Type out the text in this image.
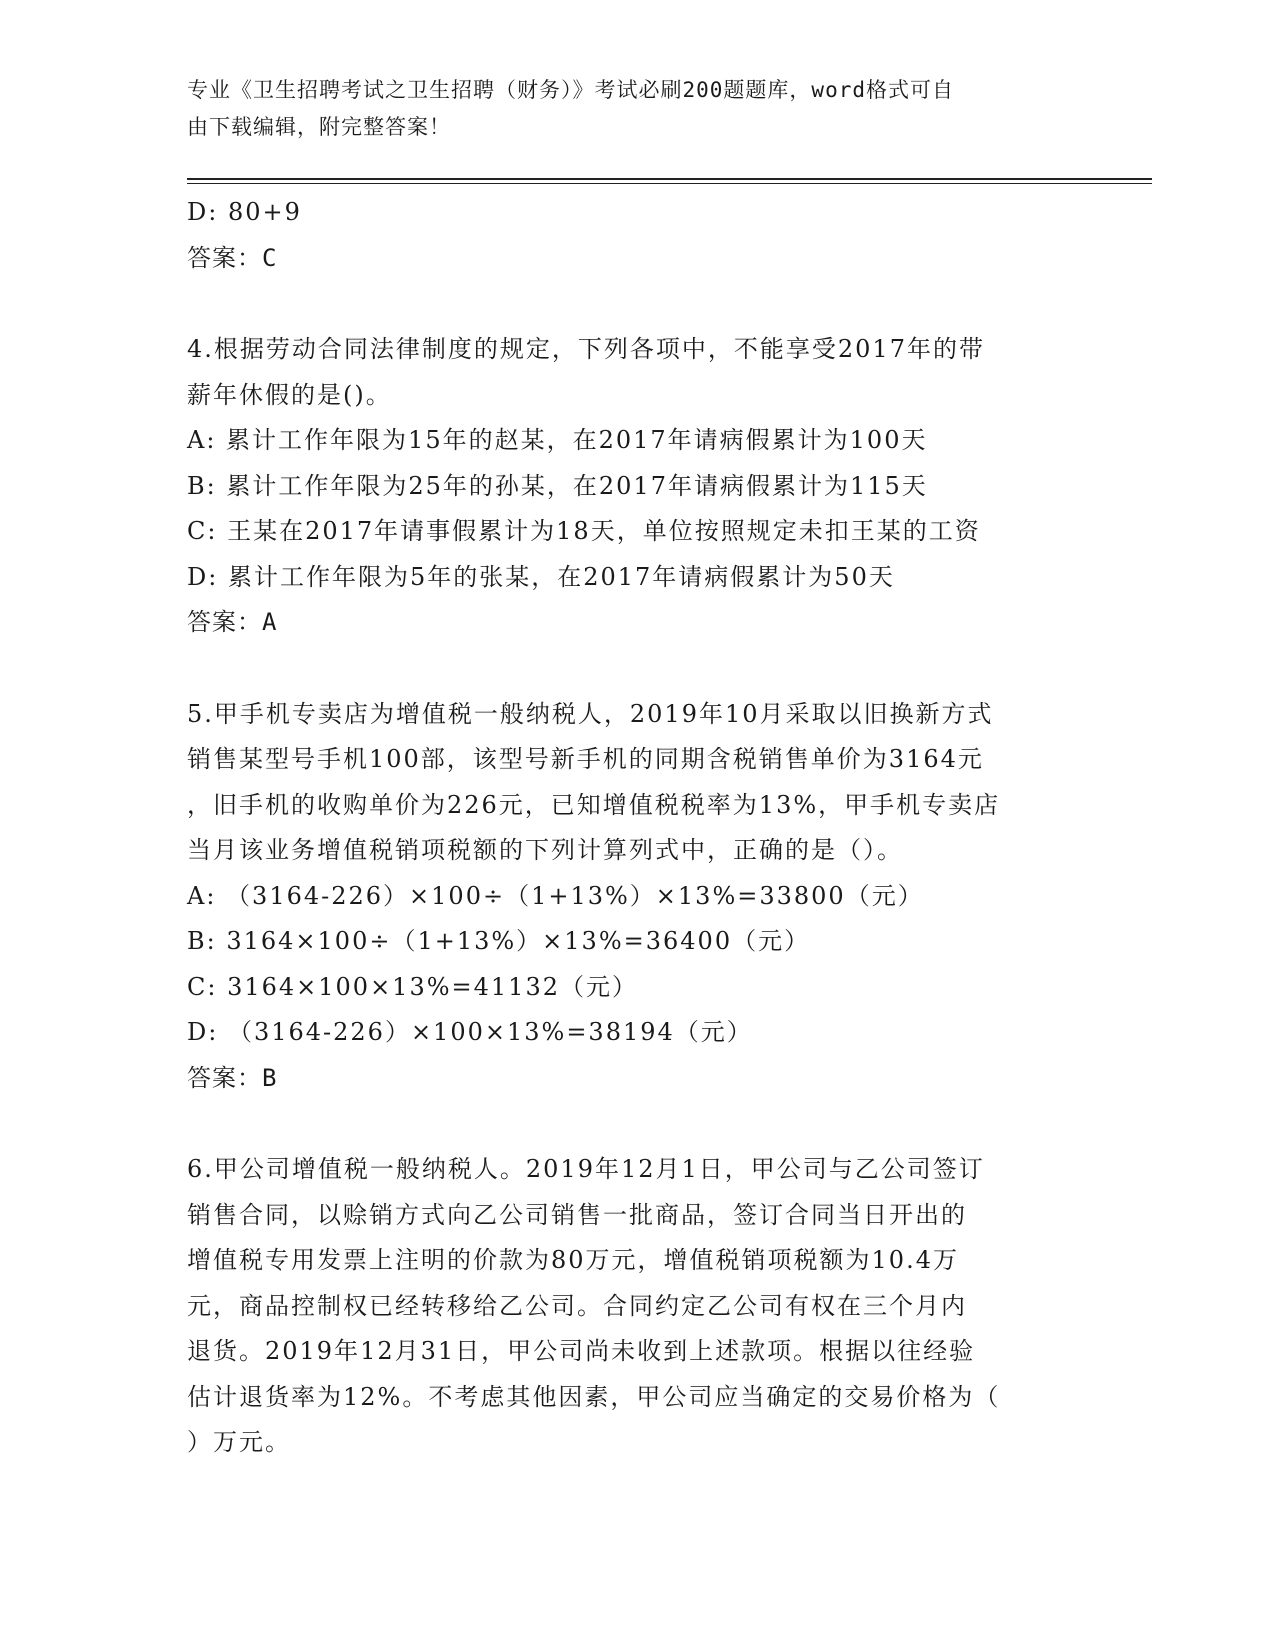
专业《卫生招聘考试之卫生招聘（财务）》考试必刷200题题库，word格式可自
由下载编辑，附完整答案！
D: 80+9
答案：C
4.根据劳动合同法律制度的规定，下列各项中，不能享受2017年的带
薪年休假的是()。
A: 累计工作年限为15年的赵某，在2017年请病假累计为100天
B: 累计工作年限为25年的孙某，在2017年请病假累计为115天
C: 王某在2017年请事假累计为18天，单位按照规定未扣王某的工资
D: 累计工作年限为5年的张某，在2017年请病假累计为50天
答案：A
5.甲手机专卖店为增值税一般纳税人，2019年10月采取以旧换新方式
销售某型号手机100部，该型号新手机的同期含税销售单价为3164元
，旧手机的收购单价为226元，已知增值税税率为13%，甲手机专卖店
当月该业务增值税销项税额的下列计算列式中，正确的是（）。
A: （3164-226）×100÷（1+13%）×13%=33800（元）
B: 3164×100÷（1+13%）×13%=36400（元）
C: 3164×100×13%=41132（元）
D: （3164-226）×100×13%=38194（元）
答案：B
6.甲公司增值税一般纳税人。2019年12月1日，甲公司与乙公司签订
销售合同，以赊销方式向乙公司销售一批商品，签订合同当日开出的
增值税专用发票上注明的价款为80万元，增值税销项税额为10.4万
元，商品控制权已经转移给乙公司。合同约定乙公司有权在三个月内
退货。2019年12月31日，甲公司尚未收到上述款项。根据以往经验
估计退货率为12%。不考虑其他因素，甲公司应当确定的交易价格为（
）万元。
